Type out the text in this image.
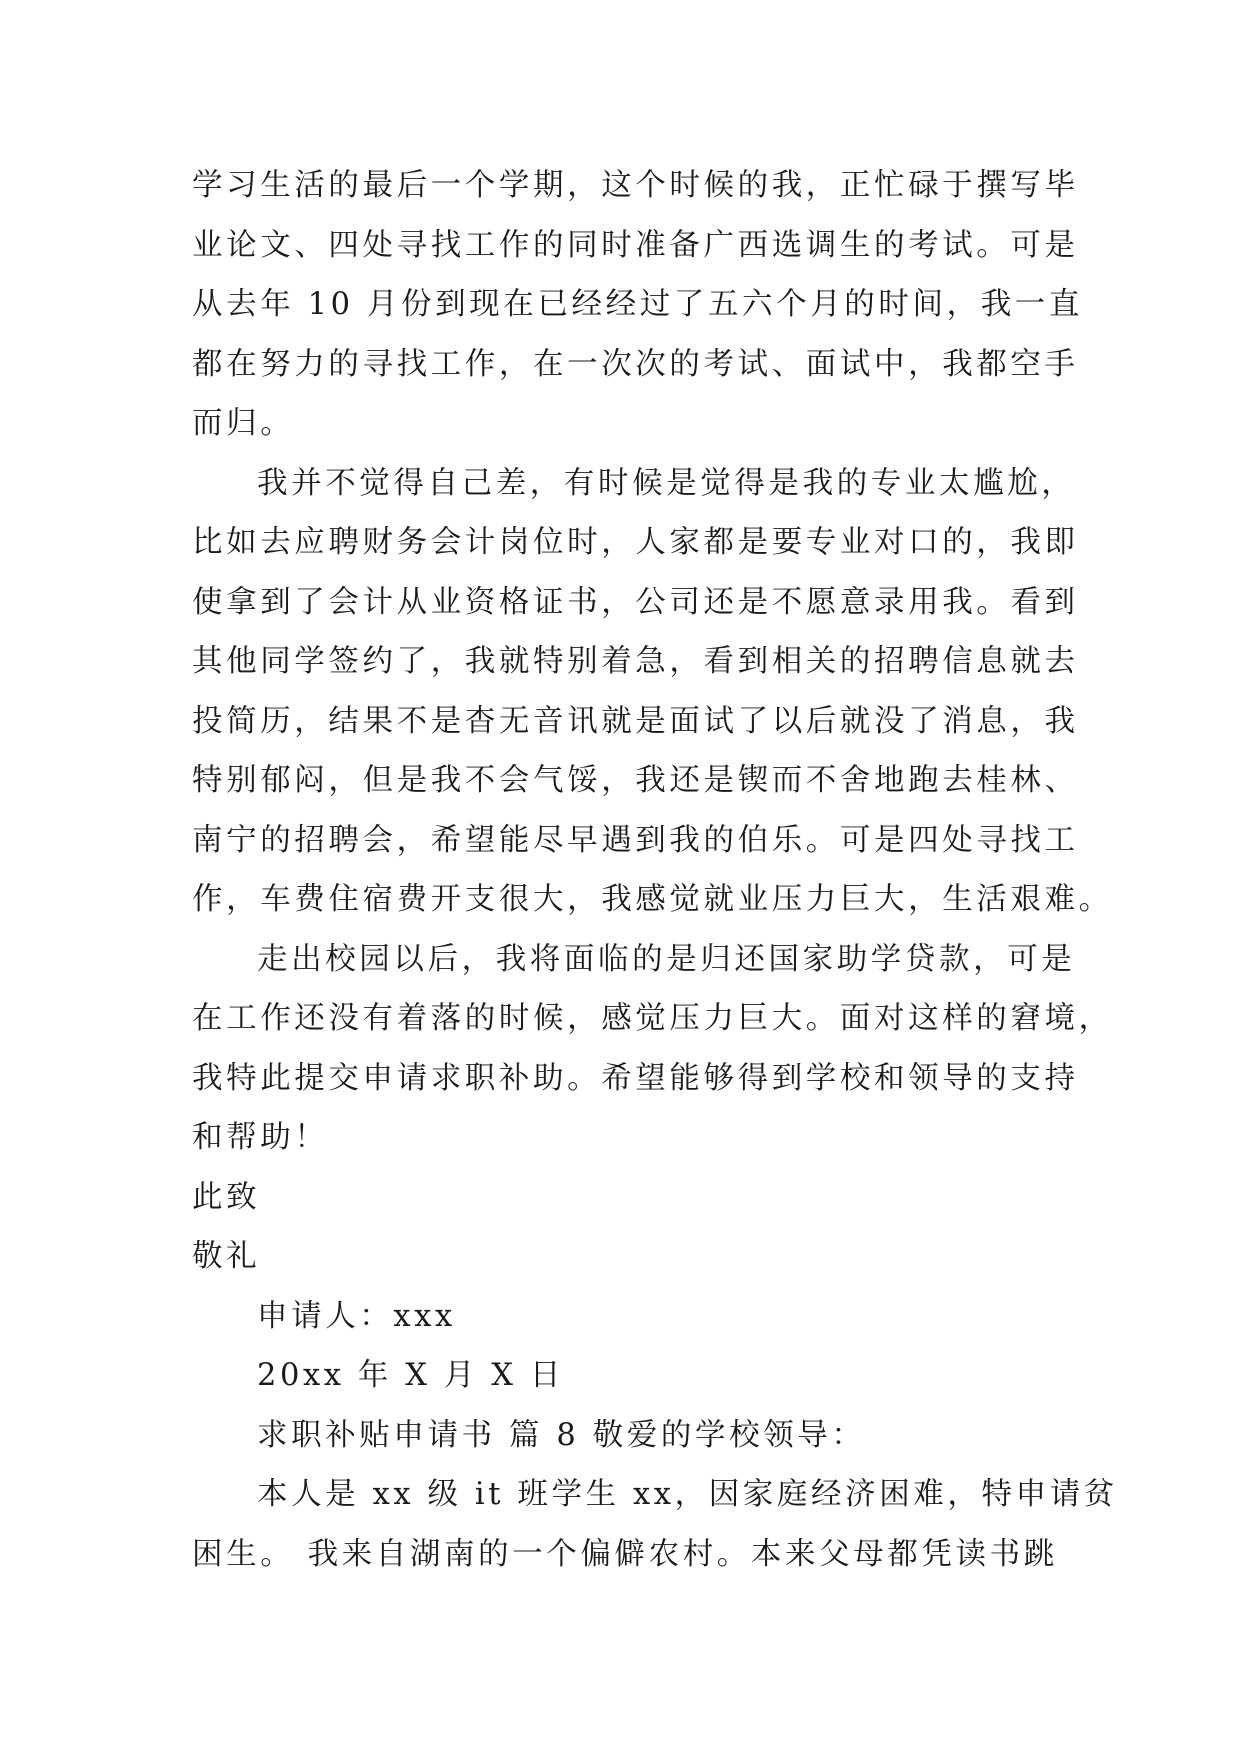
学习生活的最后一个学期，这个时候的我，正忙碌于撰写毕
业论文、四处寻找工作的同时准备广西选调生的考试。可是
从去年 10 月份到现在已经经过了五六个月的时间，我一直
都在努力的寻找工作，在一次次的考试、面试中，我都空手
而归。
我并不觉得自己差，有时候是觉得是我的专业太尴尬，
比如去应聘财务会计岗位时，人家都是要专业对口的，我即
使拿到了会计从业资格证书，公司还是不愿意录用我。看到
其他同学签约了，我就特别着急，看到相关的招聘信息就去
投简历，结果不是杳无音讯就是面试了以后就没了消息，我
特别郁闷，但是我不会气馁，我还是锲而不舍地跑去桂林、
南宁的招聘会，希望能尽早遇到我的伯乐。可是四处寻找工
作，车费住宿费开支很大，我感觉就业压力巨大，生活艰难。
走出校园以后，我将面临的是归还国家助学贷款，可是
在工作还没有着落的时候，感觉压力巨大。面对这样的窘境，
我特此提交申请求职补助。希望能够得到学校和领导的支持
和帮助！
此致
敬礼
申请人：xxx
20xx 年 X 月 X 日
求职补贴申请书 篇 8 敬爱的学校领导：
本人是 xx 级 it 班学生 xx，因家庭经济困难，特申请贫
困生。 我来自湖南的一个偏僻农村。本来父母都凭读书跳
